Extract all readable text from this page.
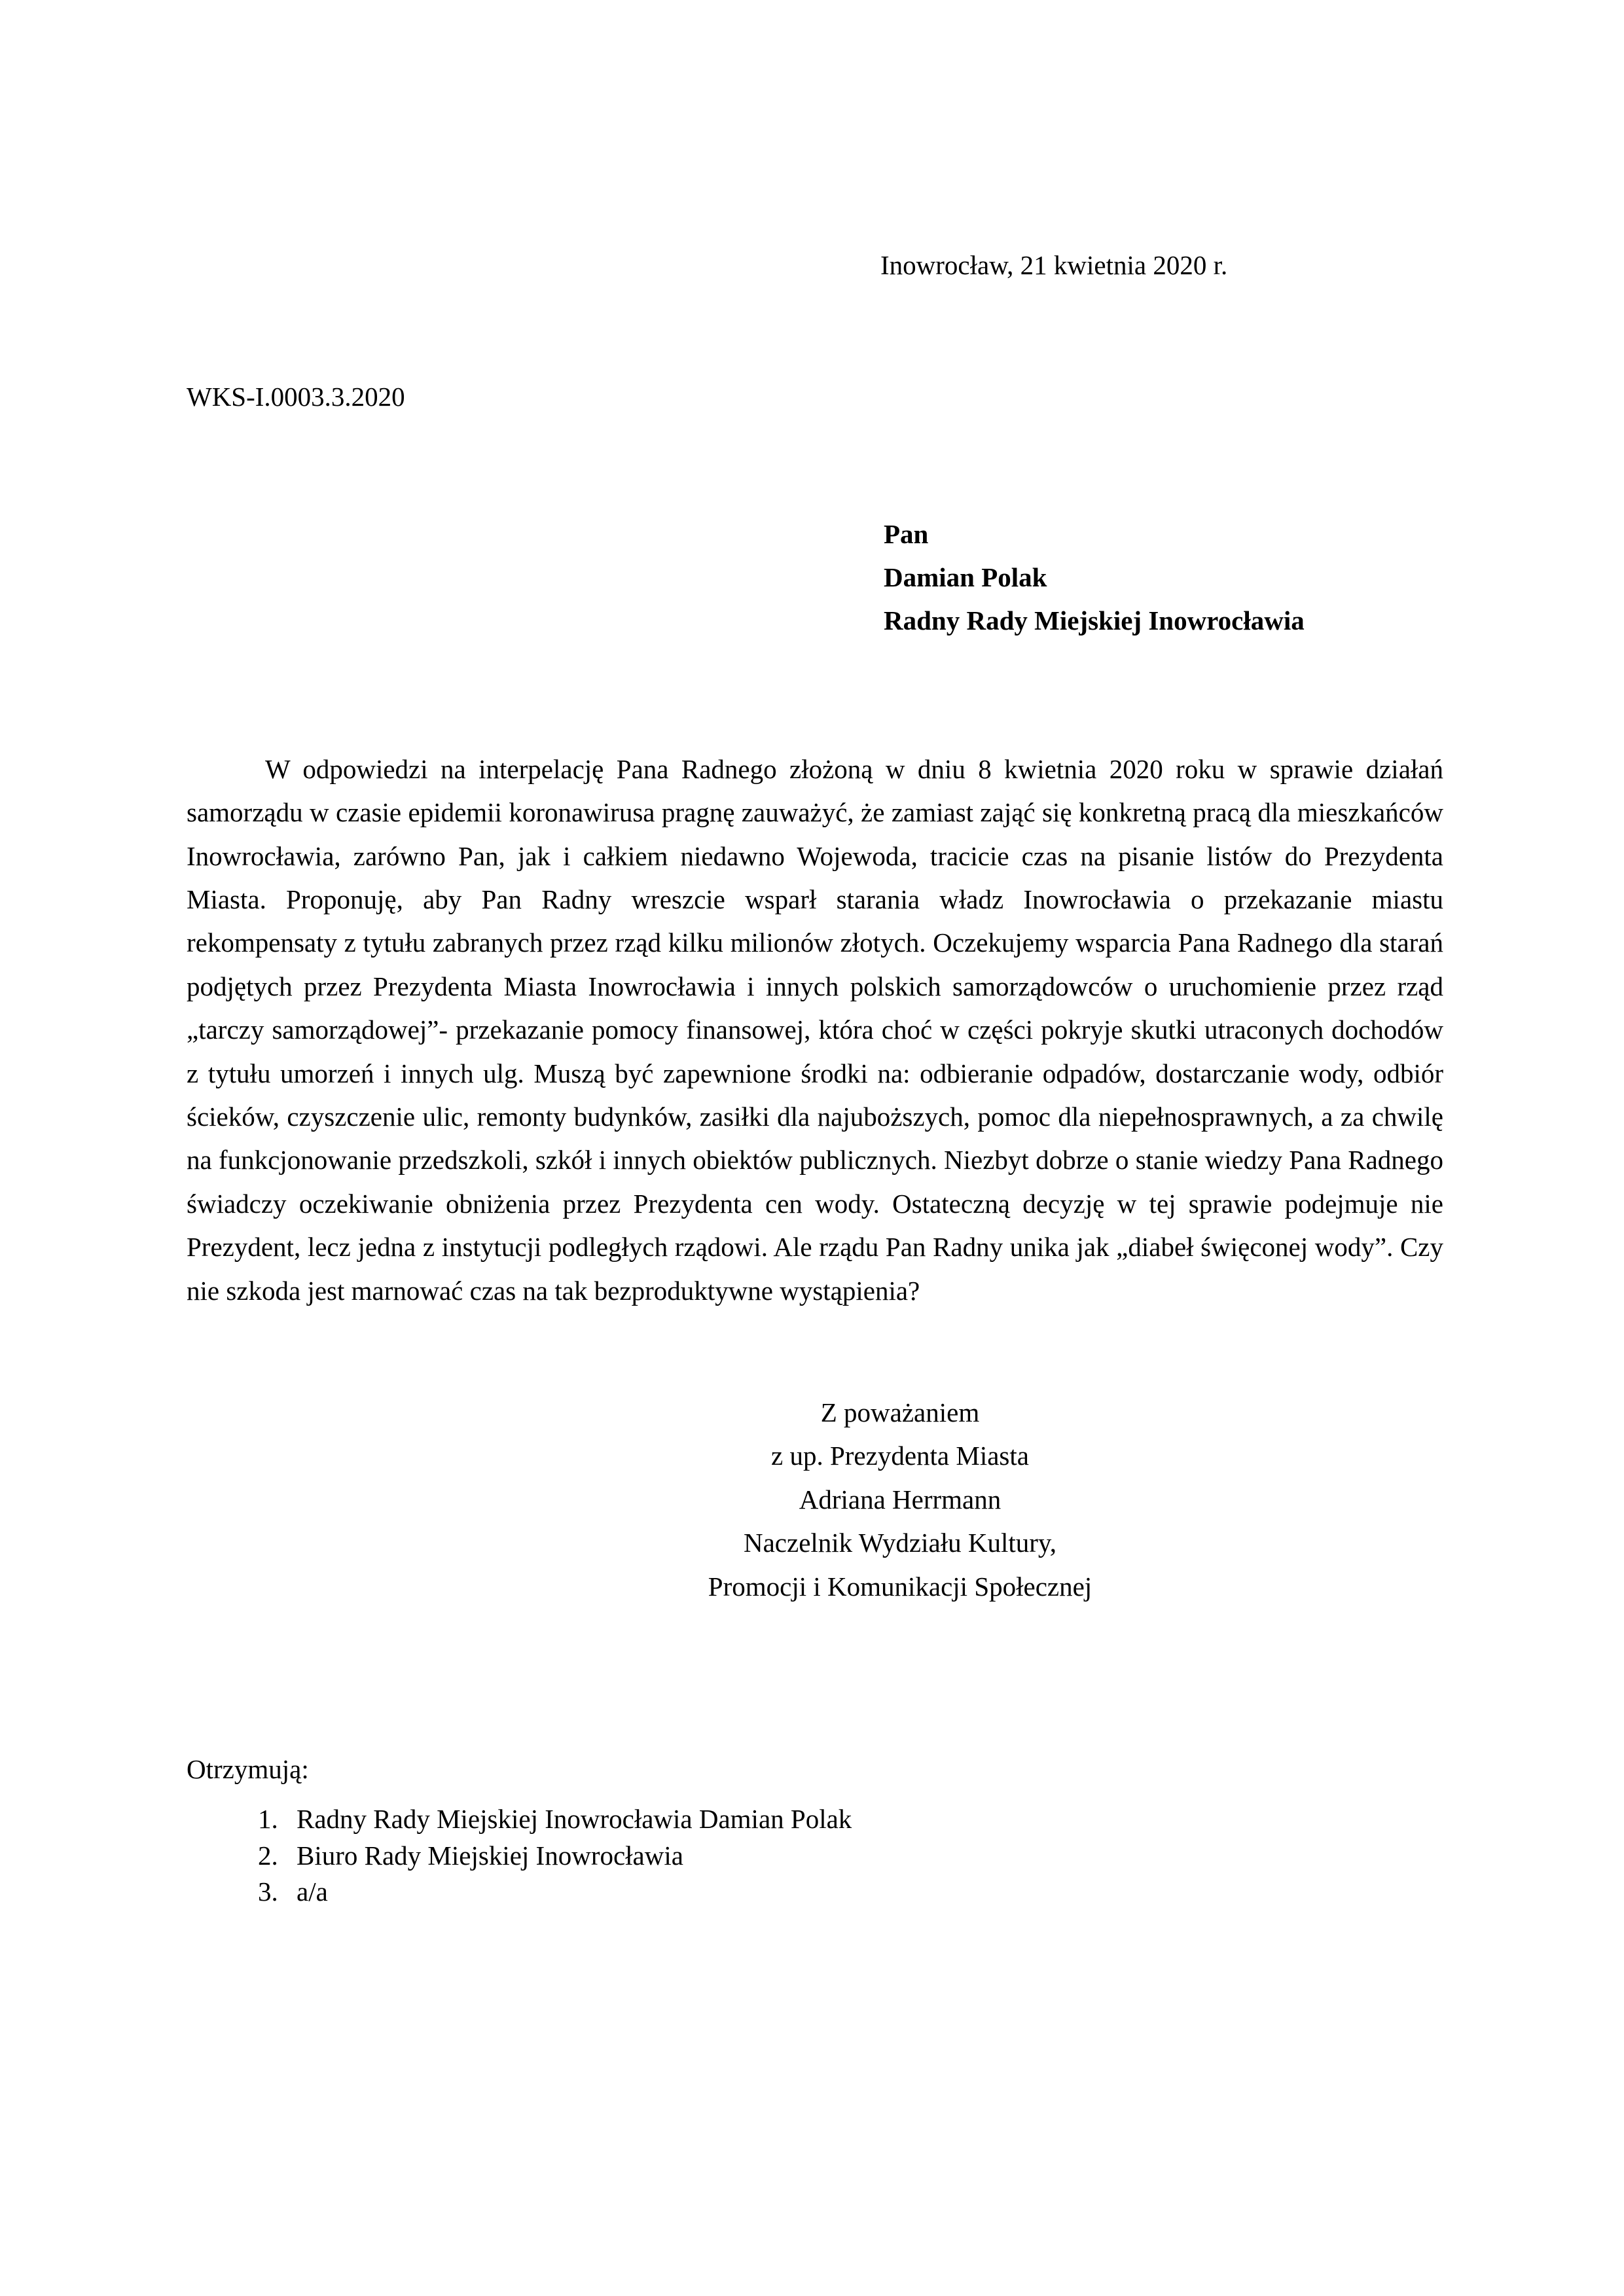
Inowrocław, 21 kwietnia 2020 r.
WKS-I.0003.3.2020
Pan
Damian Polak
Radny Rady Miejskiej Inowrocławia
W odpowiedzi na interpelację Pana Radnego złożoną w dniu 8 kwietnia 2020 roku w sprawie działań samorządu w czasie epidemii koronawirusa pragnę zauważyć, że zamiast zająć się konkretną pracą dla mieszkańców Inowrocławia, zarówno Pan, jak i całkiem niedawno Wojewoda, tracicie czas na pisanie listów do Prezydenta Miasta. Proponuję, aby Pan Radny wreszcie wsparł starania władz Inowrocławia o przekazanie miastu rekompensaty z tytułu zabranych przez rząd kilku milionów złotych. Oczekujemy wsparcia Pana Radnego dla starań podjętych przez Prezydenta Miasta Inowrocławia i innych polskich samorządowców o uruchomienie przez rząd „tarczy samorządowej”- przekazanie pomocy finansowej, która choć w części pokryje skutki utraconych dochodów z tytułu umorzeń i innych ulg. Muszą być zapewnione środki na: odbieranie odpadów, dostarczanie wody, odbiór ścieków, czyszczenie ulic, remonty budynków, zasiłki dla najuboższych, pomoc dla niepełnosprawnych, a za chwilę na funkcjonowanie przedszkoli, szkół i innych obiektów publicznych. Niezbyt dobrze o stanie wiedzy Pana Radnego świadczy oczekiwanie obniżenia przez Prezydenta cen wody. Ostateczną decyzję w tej sprawie podejmuje nie Prezydent, lecz jedna z instytucji podległych rządowi. Ale rządu Pan Radny unika jak „diabeł święconej wody”. Czy nie szkoda jest marnować czas na tak bezproduktywne wystąpienia?
Z poważaniem
z up. Prezydenta Miasta
Adriana Herrmann
Naczelnik Wydziału Kultury,
Promocji i Komunikacji Społecznej
Otrzymują:
1. Radny Rady Miejskiej Inowrocławia Damian Polak
2. Biuro Rady Miejskiej Inowrocławia
3. a/a
